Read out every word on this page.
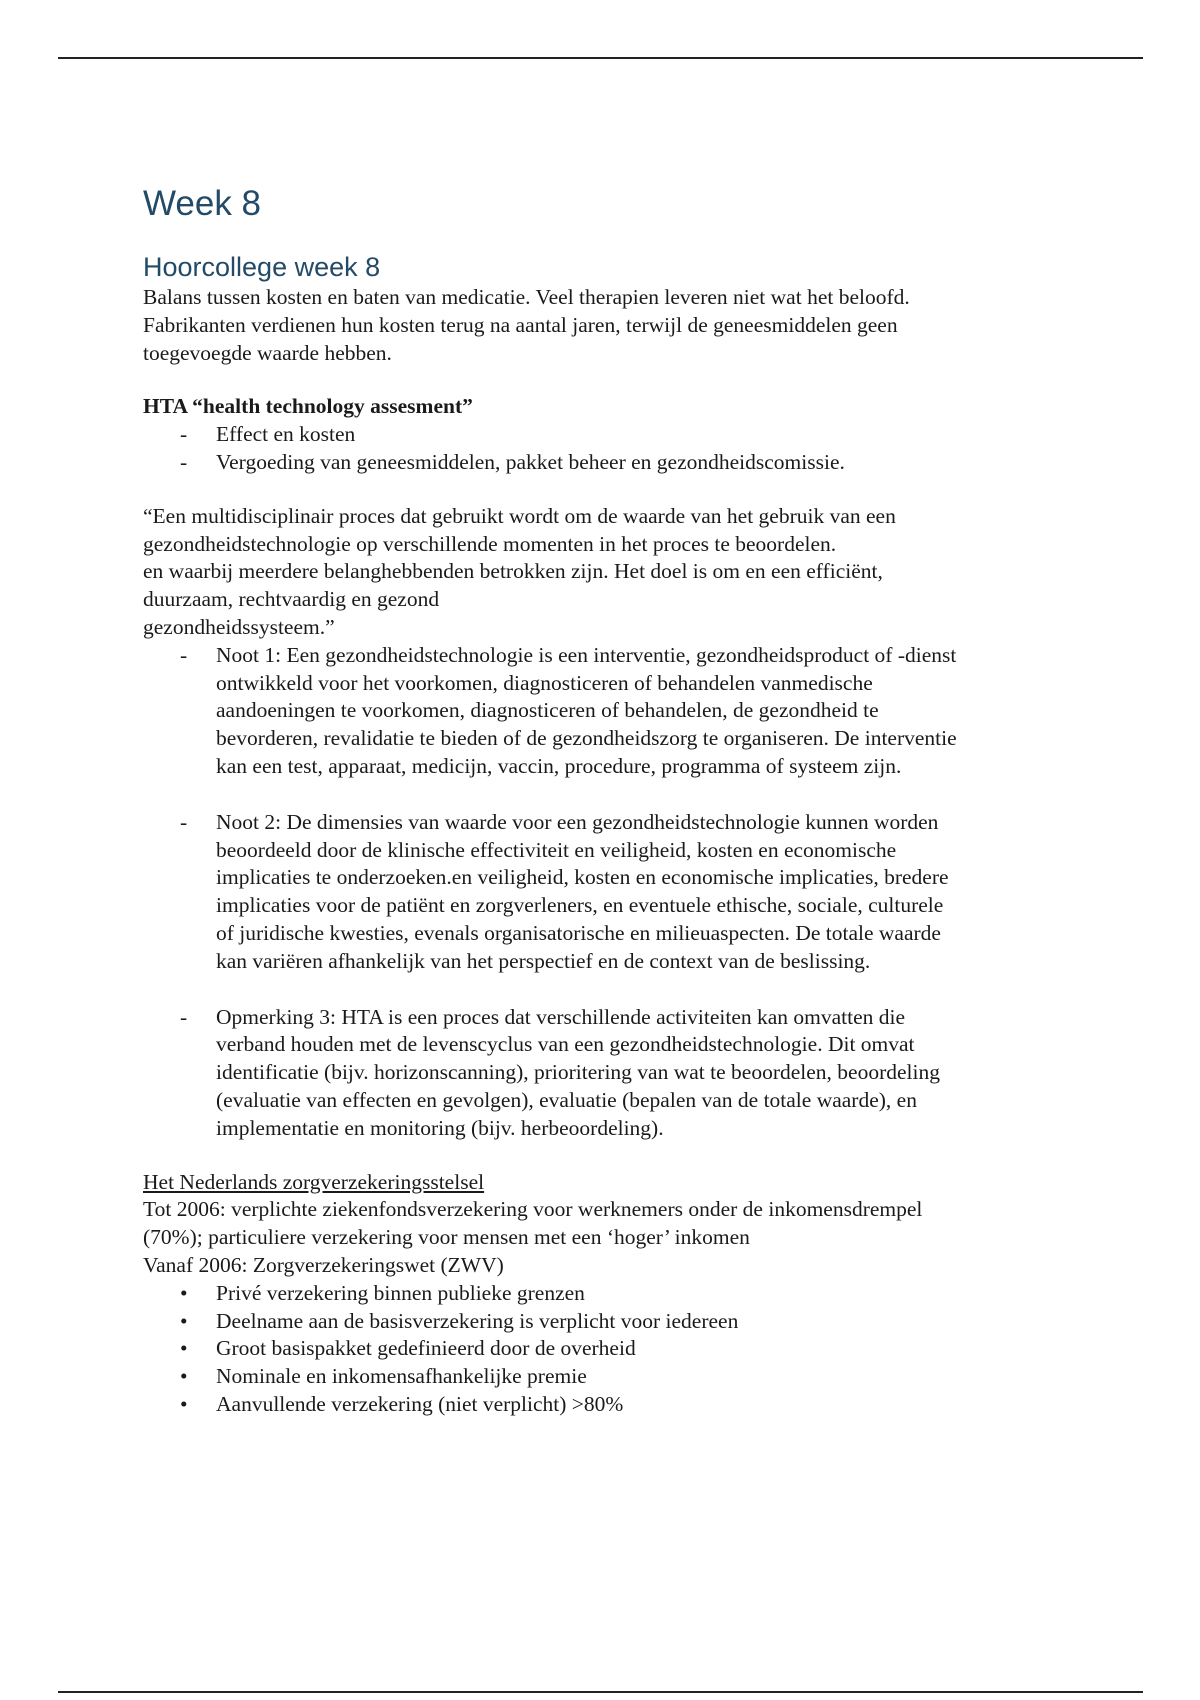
Week 8
Hoorcollege week 8

Balans tussen kosten en baten van medicatie. Veel therapien leveren niet wat het beloofd.
Fabrikanten verdienen hun kosten terug na aantal jaren, terwijl de geneesmiddelen geen
toegevoegde waarde hebben.

HTA “health technology assesment”

- Effect en kosten
- Vergoeding van geneesmiddelen, pakket beheer en gezondheidscomissie.

“Een multidisciplinair proces dat gebruikt wordt om de waarde van het gebruik van een
gezondheidstechnologie op verschillende momenten in het proces te beoordelen.
en waarbij meerdere belanghebbenden betrokken zijn. Het doel is om en een efficiënt,
duurzaam, rechtvaardig en gezond
gezondheidssysteem.”

- Noot 1: Een gezondheidstechnologie is een interventie, gezondheidsproduct of -dienst
ontwikkeld voor het voorkomen, diagnosticeren of behandelen vanmedische
aandoeningen te voorkomen, diagnosticeren of behandelen, de gezondheid te
bevorderen, revalidatie te bieden of de gezondheidszorg te organiseren. De interventie
kan een test, apparaat, medicijn, vaccin, procedure, programma of systeem zijn.
- Noot 2: De dimensies van waarde voor een gezondheidstechnologie kunnen worden
beoordeeld door de klinische effectiviteit en veiligheid, kosten en economische
implicaties te onderzoeken.en veiligheid, kosten en economische implicaties, bredere
implicaties voor de patiënt en zorgverleners, en eventuele ethische, sociale, culturele
of juridische kwesties, evenals organisatorische en milieuaspecten. De totale waarde
kan variëren afhankelijk van het perspectief en de context van de beslissing.
- Opmerking 3: HTA is een proces dat verschillende activiteiten kan omvatten die
verband houden met de levenscyclus van een gezondheidstechnologie. Dit omvat
identificatie (bijv. horizonscanning), prioritering van wat te beoordelen, beoordeling
(evaluatie van effecten en gevolgen), evaluatie (bepalen van de totale waarde), en
implementatie en monitoring (bijv. herbeoordeling).

Het Nederlands zorgverzekeringsstelsel

Tot 2006: verplichte ziekenfondsverzekering voor werknemers onder de inkomensdrempel
(70%); particuliere verzekering voor mensen met een ‘hoger’ inkomen
Vanaf 2006: Zorgverzekeringswet (ZWV)

• Privé verzekering binnen publieke grenzen
• Deelname aan de basisverzekering is verplicht voor iedereen
• Groot basispakket gedefinieerd door de overheid
• Nominale en inkomensafhankelijke premie
• Aanvullende verzekering (niet verplicht) >80%
